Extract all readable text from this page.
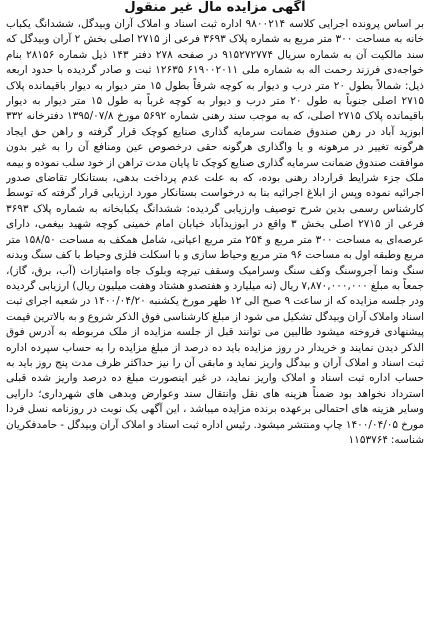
آگهی مزایده مال غیر منقول

بر اساس پرونده اجرایی کلاسه ۹۸۰۰۲۱۴ اداره ثبت اسناد و املاک آران وبیدگل، ششدانگ یکباب خانه به مساحت ۳۰۰ متر مربع به شماره پلاک ۳۶۹۳ فرعی از ۲۷۱۵ اصلی بخش ۲ آران وبیدگل که سند مالکیت آن به شماره سریال ۹۱۵۲۷۲۷۷۴ در صفحه ۲۷۸ دفتر ۱۴۳ ذیل شماره ۲۸۱۵۶ بنام خواجه‌دی فرزند رحمت اله به شماره ملی ۶۱۹۰۰۲۰۱۱ ۱۲۶۳۵ ثبت و صادر گردیده با حدود اربعه ذیل: شمالاً بطول ۲۰ متر درب و دیوار به کوچه شرقاً بطول ۱۵ متر دیوار به دیوار باقیمانده پلاک ۲۷۱۵ اصلی جنوباً به طول ۲۰ متر درب و دیوار به کوچه غرباً به طول ۱۵ متر دیوار به دیوار باقیمانده پلاک ۲۷۱۵ اصلی، که به موجب سند رهنی شماره ۵۶۹۲ مورخ ۱۳۹۵/۰۷/۸ دفترخانه ۳۳۲ ابوزید آباد در رهن صندوق ضمانت سرمایه گذاری صنایع کوچک قرار گرفته و راهن حق ایجاد هرگونه تغییر در مرهونه و یا واگذاری هرگونه حقی درخصوص عین ومنافع آن را به غیر بدون موافقت صندوق ضمانت سرمایه گذاری صنایع کوچک تا پایان مدت تراهن از خود سلب نموده و بیمه ملک جزء شرایط قرارداد رهنی بوده، که به علت عدم پرداخت بدهی، بستانکار تقاضای صدور اجرائیه نموده وپس از ابلاغ اجرائیه بنا به درخواست بستانکار مورد ارزیابی قرار گرفته که توسط کارشناس رسمی بدین شرح توصیف وارزیابی گردیده: ششدانگ یکبابخانه به شماره پلاک ۳۶۹۳ فرعی از ۲۷۱۵ اصلی بخش ۳ واقع در ابوزیدآباد خیابان امام خمینی کوچه شهید بیغمی، دارای عرصه‌ای به مساحت ۳۰۰ متر مربع و ۲۵۴ متر مربع اعیانی، شامل همکف به مساحت ۱۵۸/۵۰ متر مربع وطبقه اول به مساحت ۹۶ متر مربع وحیاط سازی و با اسکلت فلزی وحیاط با کف سنگ وبدنه سنگ ونما آجروسنگ وکف سنگ وسرامیک وسقف تیرچه وبلوک جاه وامتیازات (آب، برق، گاز)، جمعاً به مبلغ ۷,۸۷۰,۰۰۰,۰۰۰ ریال (نه میلیارد و هفتصدو هشتاد وهفت میلیون ریال) ارزیابی گردیده ودر جلسه مزایده که از ساعت ۹ صبح الی ۱۲ ظهر مورخ یکشنبه ۱۴۰۰/۰۴/۲۰ در شعبه اجرای ثبت اسناد واملاک آران وبیدگل تشکیل می شود از مبلغ کارشناسی فوق الذکر شروع و به بالاترین قیمت پیشنهادی فروخته میشود طالبین می توانند قبل از جلسه مزایده از ملک مربوطه به آدرس فوق الذکر دیدن نمایند و خریدار در روز مزایده باید ده درصد از مبلغ مزایده را به حساب سپرده اداره ثبت اسناد و املاک آران و بیدگل واریز نماید و مابقی آن را نیز حداکثر ظرف مدت پنج روز باید به حساب اداره ثبت اسناد و املاک واریز نماید، در غیر اینصورت مبلغ ده درصد واریز شده قبلی استرداد نخواهد بود ضمناً هزینه های نقل وانتقال سند وعوارض وبدهی های شهرداری؛ دارایی وسایر هزینه های احتمالی برعهده برنده مزایده میباشد ، این آگهی یک نوبت در روزنامه نسل فردا مورخ ۱۴۰۰/۰۴/۰۵ چاپ ومنتشر میشود. رئیس اداره ثبت اسناد و املاک آران وبیدگل - حامدفکریان شناسه: ۱۱۵۳۷۶۴
